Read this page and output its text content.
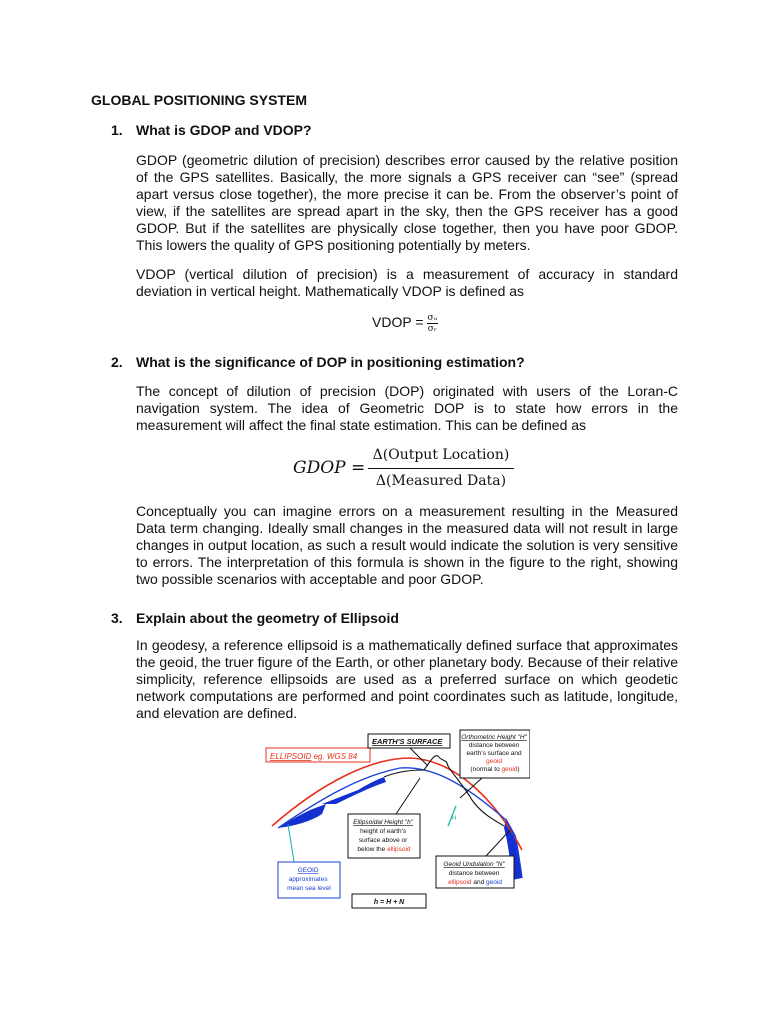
GLOBAL POSITIONING SYSTEM
1. What is GDOP and VDOP?
GDOP (geometric dilution of precision) describes error caused by the relative position of the GPS satellites. Basically, the more signals a GPS receiver can “see” (spread apart versus close together), the more precise it can be. From the observer’s point of view, if the satellites are spread apart in the sky, then the GPS receiver has a good GDOP. But if the satellites are physically close together, then you have poor GDOP. This lowers the quality of GPS positioning potentially by meters.
VDOP (vertical dilution of precision) is a measurement of accuracy in standard deviation in vertical height. Mathematically VDOP is defined as
VDOP = $\frac{\text{σᵤ}}{\text{σᵣ}}$
2. What is the significance of DOP in positioning estimation?
The concept of dilution of precision (DOP) originated with users of the Loran-C navigation system. The idea of Geometric DOP is to state how errors in the measurement will affect the final state estimation. This can be defined as
GDOP =
Δ(Output Location)
Δ(Measured Data)
Conceptually you can imagine errors on a measurement resulting in the Measured Data term changing. Ideally small changes in the measured data will not result in large changes in output location, as such a result would indicate the solution is very sensitive to errors. The interpretation of this formula is shown in the figure to the right, showing two possible scenarios with acceptable and poor GDOP.
3. Explain about the geometry of Ellipsoid
In geodesy, a reference ellipsoid is a mathematically defined surface that approximates the geoid, the truer figure of the Earth, or other planetary body. Because of their relative simplicity, reference ellipsoids are used as a preferred surface on which geodetic network computations are performed and point coordinates such as latitude, longitude, and elevation are defined.
ELLIPSOID eg. WGS 84
EARTH'S SURFACE	Orthometric Height "H" distance between earth's surface and geoid (normal to geoid)
H
Ellipsoidal Height "h" height of earth's surface above or below the ellipsoid
GEOID approximates mean sea level
Geoid Undulation "N" distance between ellipsoid and geoid
h = H + N
